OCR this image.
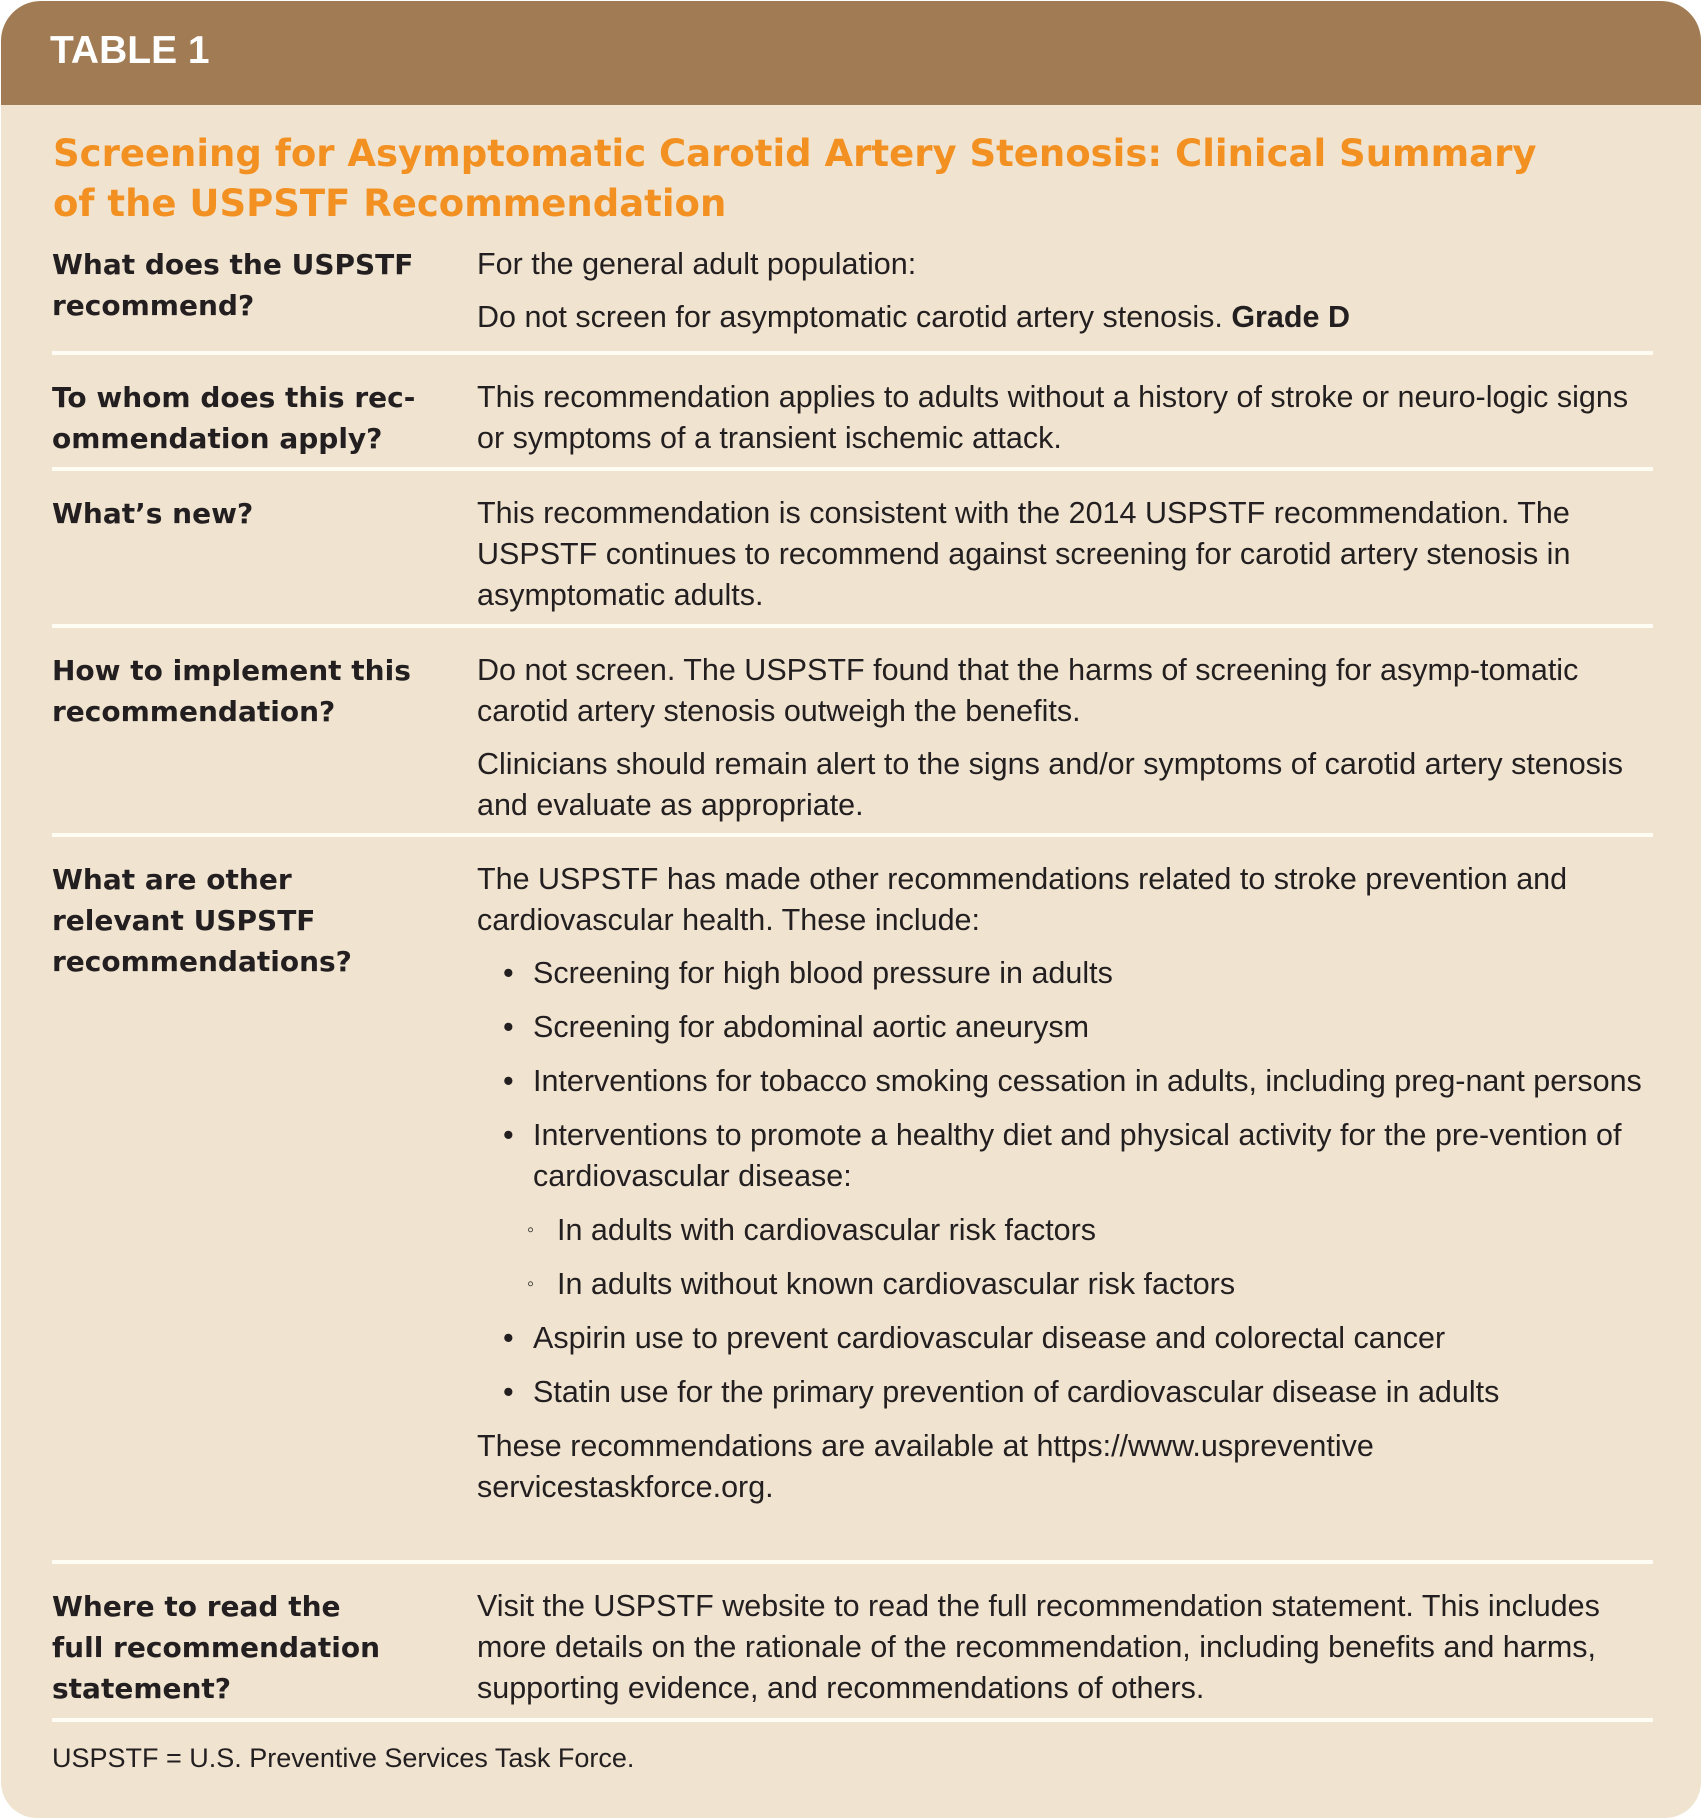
TABLE 1
Screening for Asymptomatic Carotid Artery Stenosis: Clinical Summary
of the USPSTF Recommendation
What does the USPSTF
recommend?

For the general adult population:

Do not screen for asymptomatic carotid artery stenosis. Grade D

To whom does this rec-
ommendation apply?

This recommendation applies to adults without a history of stroke or neuro-logic signs or symptoms of a transient ischemic attack.

What’s new?	This recommendation is consistent with the 2014 USPSTF recommendation. The USPSTF continues to recommend against screening for carotid artery stenosis in asymptomatic adults.

How to implement this
recommendation?

Do not screen. The USPSTF found that the harms of screening for asymp-tomatic carotid artery stenosis outweigh the benefits.

Clinicians should remain alert to the signs and/or symptoms of carotid artery stenosis and evaluate as appropriate.

What are other
relevant USPSTF
recommendations?

The USPSTF has made other recommendations related to stroke prevention and cardiovascular health. These include:

• Screening for high blood pressure in adults
• Screening for abdominal aortic aneurysm
• Interventions for tobacco smoking cessation in adults, including preg-nant persons
• Interventions to promote a healthy diet and physical activity for the pre-vention of cardiovascular disease:
◦ In adults with cardiovascular risk factors
◦ In adults without known cardiovascular risk factors
• Aspirin use to prevent cardiovascular disease and colorectal cancer
• Statin use for the primary prevention of cardiovascular disease in adults

These recommendations are available at https://www.uspreventive servicestaskforce.org.

Where to read the
full recommendation
statement?

Visit the USPSTF website to read the full recommendation statement. This includes more details on the rationale of the recommendation, including benefits and harms, supporting evidence, and recommendations of others.

USPSTF = U.S. Preventive Services Task Force.
